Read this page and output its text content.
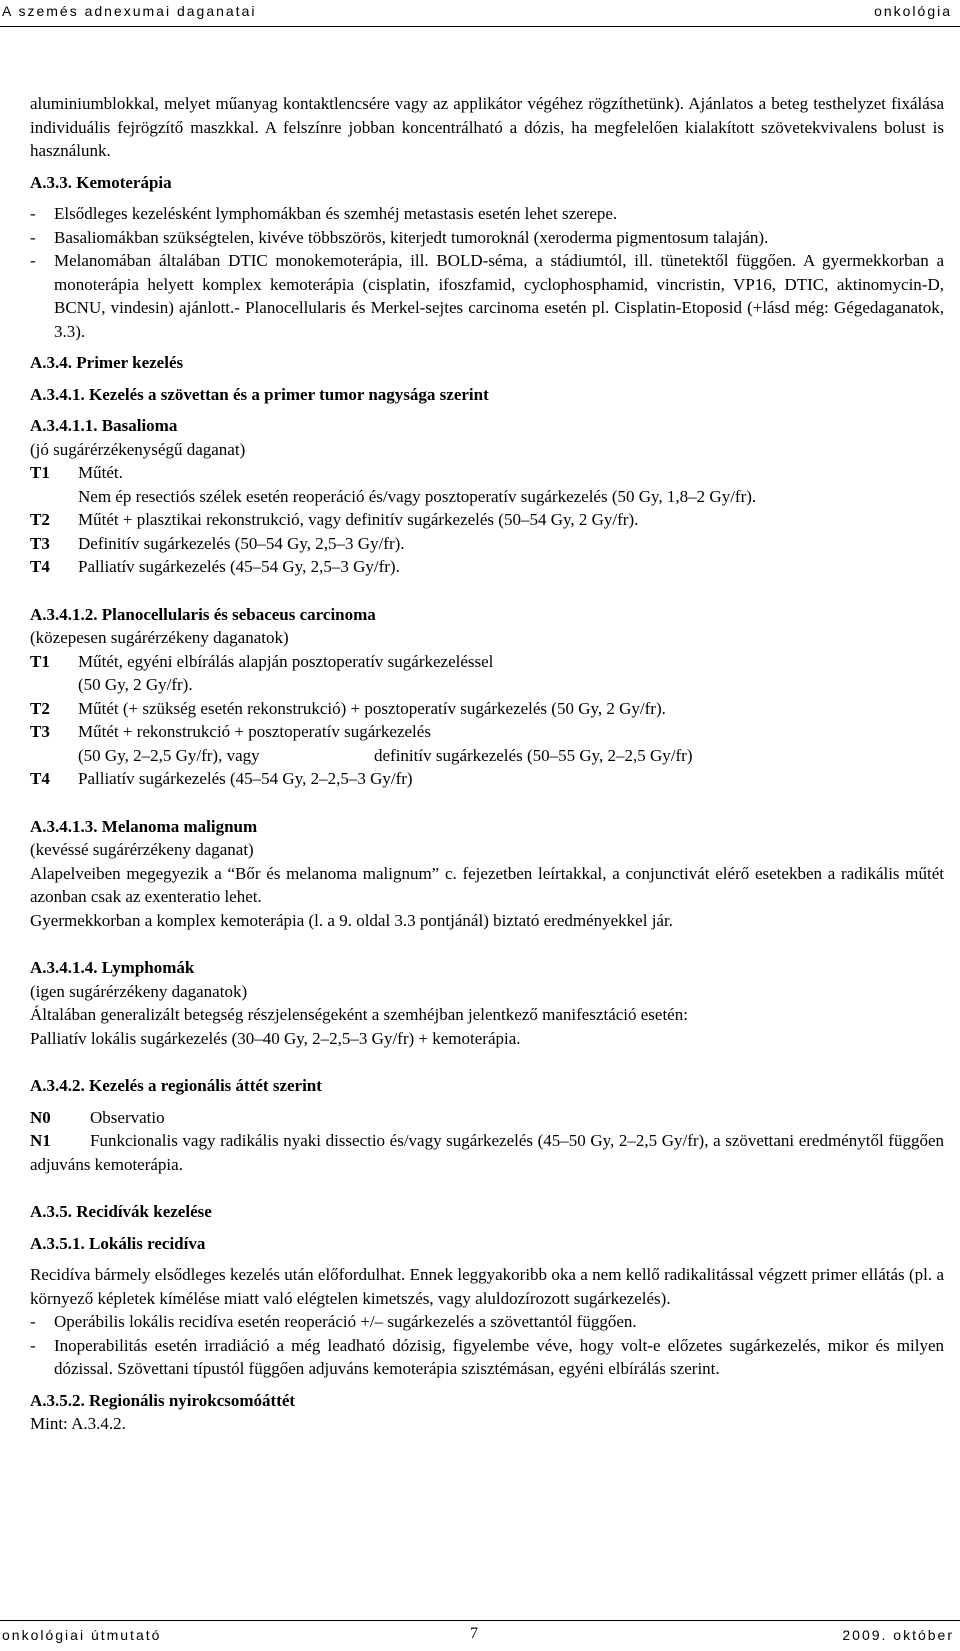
A szemés adnexumai daganatai	onkológia

aluminiumblokkal, melyet műanyag kontaktlencsére vagy az applikátor végéhez rögzíthetünk). Ajánlatos a beteg testhelyzet fixálása individuális fejrögzítő maszkkal. A felszínre jobban koncentrálható a dózis, ha megfelelően kialakított szövetekvivalens bolust is használunk.

A.3.3. Kemoterápia

-	Elsődleges kezelésként lymphomákban és szemhéj metastasis esetén lehet szerepe.
-	Basaliomákban szükségtelen, kivéve többszörös, kiterjedt tumoroknál (xeroderma pigmentosum talaján).
-	Melanomában általában DTIC monokemoterápia, ill. BOLD-séma, a stádiumtól, ill. tünetektől függően. A gyermekkorban a monoterápia helyett komplex kemoterápia (cisplatin, ifoszfamid, cyclophosphamid, vincristin, VP16, DTIC, aktinomycin-D, BCNU, vindesin) ajánlott.- Planocellularis és Merkel-sejtes carcinoma esetén pl. Cisplatin-Etoposid (+lásd még: Gégedaganatok, 3.3).

A.3.4. Primer kezelés

A.3.4.1. Kezelés a szövettan és a primer tumor nagysága szerint

A.3.4.1.1. Basalioma

(jó sugárérzékenységű daganat)

T1	Műtét.

Nem ép resectiós szélek esetén reoperáció és/vagy posztoperatív sugárkezelés (50 Gy, 1,8–2 Gy/fr).

T2	Műtét + plasztikai rekonstrukció, vagy definitív sugárkezelés (50–54 Gy, 2 Gy/fr).
T3	Definitív sugárkezelés (50–54 Gy, 2,5–3 Gy/fr).
T4	Palliatív sugárkezelés (45–54 Gy, 2,5–3 Gy/fr).

A.3.4.1.2. Planocellularis és sebaceus carcinoma

(közepesen sugárérzékeny daganatok)

T1	Műtét, egyéni elbírálás alapján posztoperatív sugárkezeléssel

(50 Gy, 2 Gy/fr).

T2	Műtét (+ szükség esetén rekonstrukció) + posztoperatív sugárkezelés (50 Gy, 2 Gy/fr).
T3	Műtét + rekonstrukció + posztoperatív sugárkezelés

(50 Gy, 2–2,5 Gy/fr), vagy	definitív sugárkezelés (50–55 Gy, 2–2,5 Gy/fr)

T4	Palliatív sugárkezelés (45–54 Gy, 2–2,5–3 Gy/fr)

A.3.4.1.3. Melanoma malignum

(kevéssé sugárérzékeny daganat)

Alapelveiben megegyezik a “Bőr és melanoma malignum” c. fejezetben leírtakkal, a conjunctivát elérő esetekben a radikális műtét azonban csak az exenteratio lehet.

Gyermekkorban a komplex kemoterápia (l. a 9. oldal 3.3 pontjánál) biztató eredményekkel jár.

A.3.4.1.4. Lymphomák

(igen sugárérzékeny daganatok)

Általában generalizált betegség részjelenségeként a szemhéjban jelentkező manifesztáció esetén:

Palliatív lokális sugárkezelés (30–40 Gy, 2–2,5–3 Gy/fr) + kemoterápia.

A.3.4.2. Kezelés a regionális áttét szerint

N0	Observatio

N1 Funkcionalis vagy radikális nyaki dissectio és/vagy sugárkezelés (45–50 Gy, 2–2,5 Gy/fr), a szövettani eredménytől függően adjuváns kemoterápia.

A.3.5. Recidívák kezelése

A.3.5.1. Lokális recidíva

Recidíva bármely elsődleges kezelés után előfordulhat. Ennek leggyakoribb oka a nem kellő radikalitással végzett primer ellátás (pl. a környező képletek kímélése miatt való elégtelen kimetszés, vagy aluldozírozott sugárkezelés).

-	Operábilis lokális recidíva esetén reoperáció +/– sugárkezelés a szövettantól függően.
-	Inoperabilitás esetén irradiáció a még leadható dózisig, figyelembe véve, hogy volt-e előzetes sugárkezelés, mikor és milyen dózissal. Szövettani típustól függően adjuváns kemoterápia szisztémásan, egyéni elbírálás szerint.

A.3.5.2. Regionális nyirokcsomóáttét

Mint: A.3.4.2.

onkológiai útmutató	7	2009. október
